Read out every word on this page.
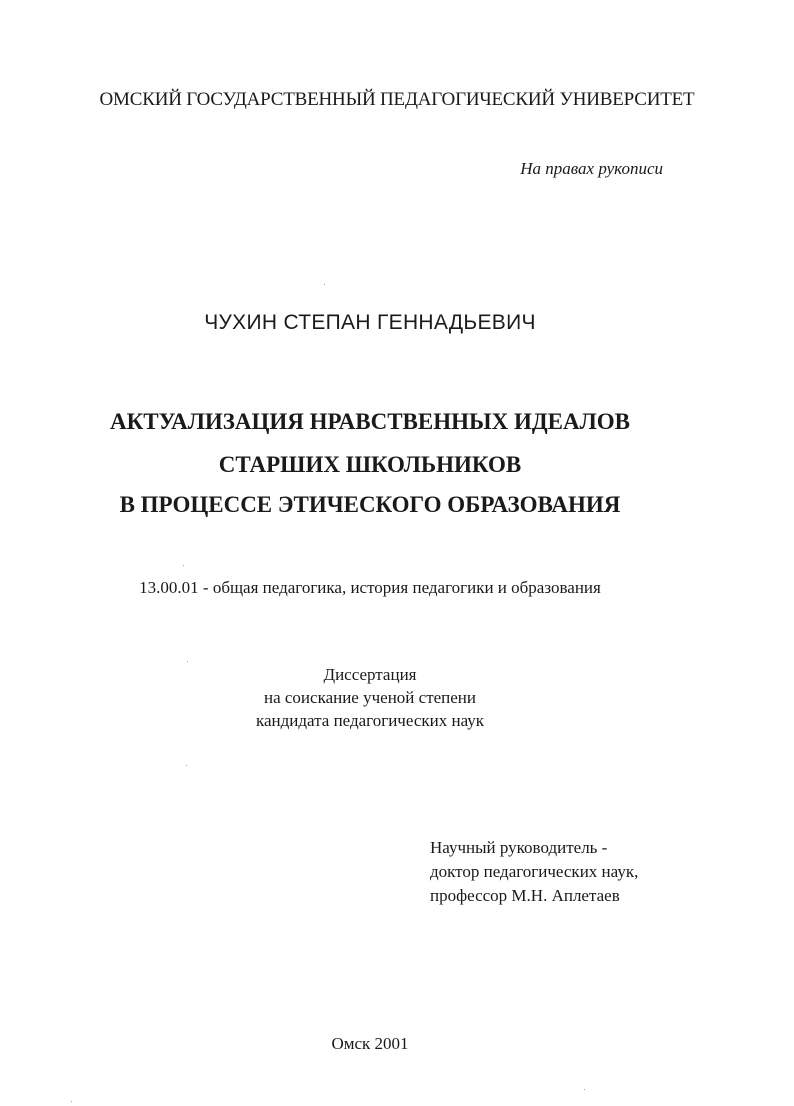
ОМСКИЙ ГОСУДАРСТВЕННЫЙ ПЕДАГОГИЧЕСКИЙ УНИВЕРСИТЕТ
На правах рукописи
ЧУХИН СТЕПАН ГЕННАДЬЕВИЧ
АКТУАЛИЗАЦИЯ НРАВСТВЕННЫХ ИДЕАЛОВ
СТАРШИХ ШКОЛЬНИКОВ
В ПРОЦЕССЕ ЭТИЧЕСКОГО ОБРАЗОВАНИЯ
13.00.01 - общая педагогика, история педагогики и образования
Диссертация
на соискание ученой степени
кандидата педагогических наук
Научный руководитель -
доктор педагогических наук,
профессор М.Н. Аплетаев
Омск 2001
